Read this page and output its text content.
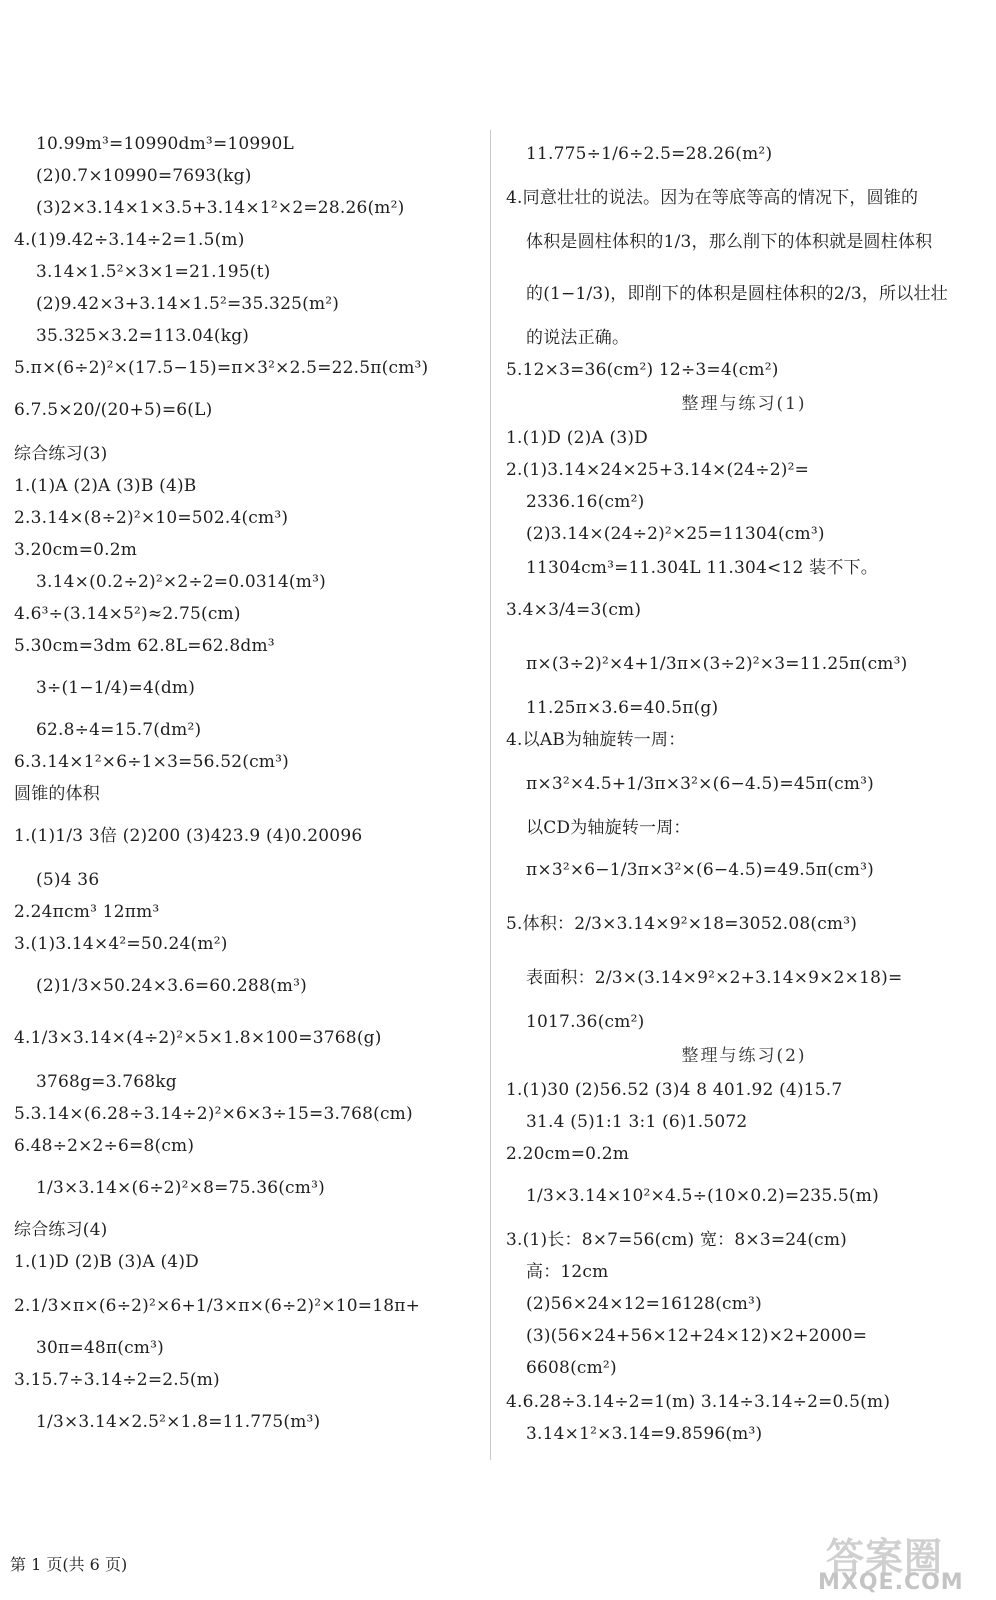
10.99m³=10990dm³=10990L
(2)0.7×10990=7693(kg)
(3)2×3.14×1×3.5+3.14×1²×2=28.26(m²)
4.(1)9.42÷3.14÷2=1.5(m)
3.14×1.5²×3×1=21.195(t)
(2)9.42×3+3.14×1.5²=35.325(m²)
35.325×3.2=113.04(kg)
5.π×(6÷2)²×(17.5−15)=π×3²×2.5=22.5π(cm³)
6.7.5×20/(20+5)=6(L)
综合练习(3)
1.(1)A (2)A (3)B (4)B
2.3.14×(8÷2)²×10=502.4(cm³)
3.20cm=0.2m
3.14×(0.2÷2)²×2÷2=0.0314(m³)
4.6³÷(3.14×5²)≈2.75(cm)
5.30cm=3dm 62.8L=62.8dm³
3÷(1−1/4)=4(dm)
62.8÷4=15.7(dm²)
6.3.14×1²×6÷1×3=56.52(cm³)
圆锥的体积
1.(1)1/3 3倍 (2)200 (3)423.9 (4)0.20096
(5)4 36
2.24πcm³ 12πm³
3.(1)3.14×4²=50.24(m²)
(2)1/3×50.24×3.6=60.288(m³)
4.1/3×3.14×(4÷2)²×5×1.8×100=3768(g)
3768g=3.768kg
5.3.14×(6.28÷3.14÷2)²×6×3÷15=3.768(cm)
6.48÷2×2÷6=8(cm)
1/3×3.14×(6÷2)²×8=75.36(cm³)
综合练习(4)
1.(1)D (2)B (3)A (4)D
2.1/3×π×(6÷2)²×6+1/3×π×(6÷2)²×10=18π+
30π=48π(cm³)
3.15.7÷3.14÷2=2.5(m)
1/3×3.14×2.5²×1.8=11.775(m³)
11.775÷1/6÷2.5=28.26(m²)
4.同意壮壮的说法。因为在等底等高的情况下，圆锥的
体积是圆柱体积的1/3，那么削下的体积就是圆柱体积
的(1−1/3)，即削下的体积是圆柱体积的2/3，所以壮壮
的说法正确。
5.12×3=36(cm²) 12÷3=4(cm²)
整理与练习(1)
1.(1)D (2)A (3)D
2.(1)3.14×24×25+3.14×(24÷2)²=
2336.16(cm²)
(2)3.14×(24÷2)²×25=11304(cm³)
11304cm³=11.304L 11.304<12 装不下。
3.4×3/4=3(cm)
π×(3÷2)²×4+1/3π×(3÷2)²×3=11.25π(cm³)
11.25π×3.6=40.5π(g)
4.以AB为轴旋转一周：
π×3²×4.5+1/3π×3²×(6−4.5)=45π(cm³)
以CD为轴旋转一周：
π×3²×6−1/3π×3²×(6−4.5)=49.5π(cm³)
5.体积：2/3×3.14×9²×18=3052.08(cm³)
表面积：2/3×(3.14×9²×2+3.14×9×2×18)=
1017.36(cm²)
整理与练习(2)
1.(1)30 (2)56.52 (3)4 8 401.92 (4)15.7
31.4 (5)1:1 3:1 (6)1.5072
2.20cm=0.2m
1/3×3.14×10²×4.5÷(10×0.2)=235.5(m)
3.(1)长：8×7=56(cm) 宽：8×3=24(cm)
高：12cm
(2)56×24×12=16128(cm³)
(3)(56×24+56×12+24×12)×2+2000=
6608(cm²)
4.6.28÷3.14÷2=1(m) 3.14÷3.14÷2=0.5(m)
3.14×1²×3.14=9.8596(m³)
第 1 页(共 6 页)	答案圈
MXQE.COM
